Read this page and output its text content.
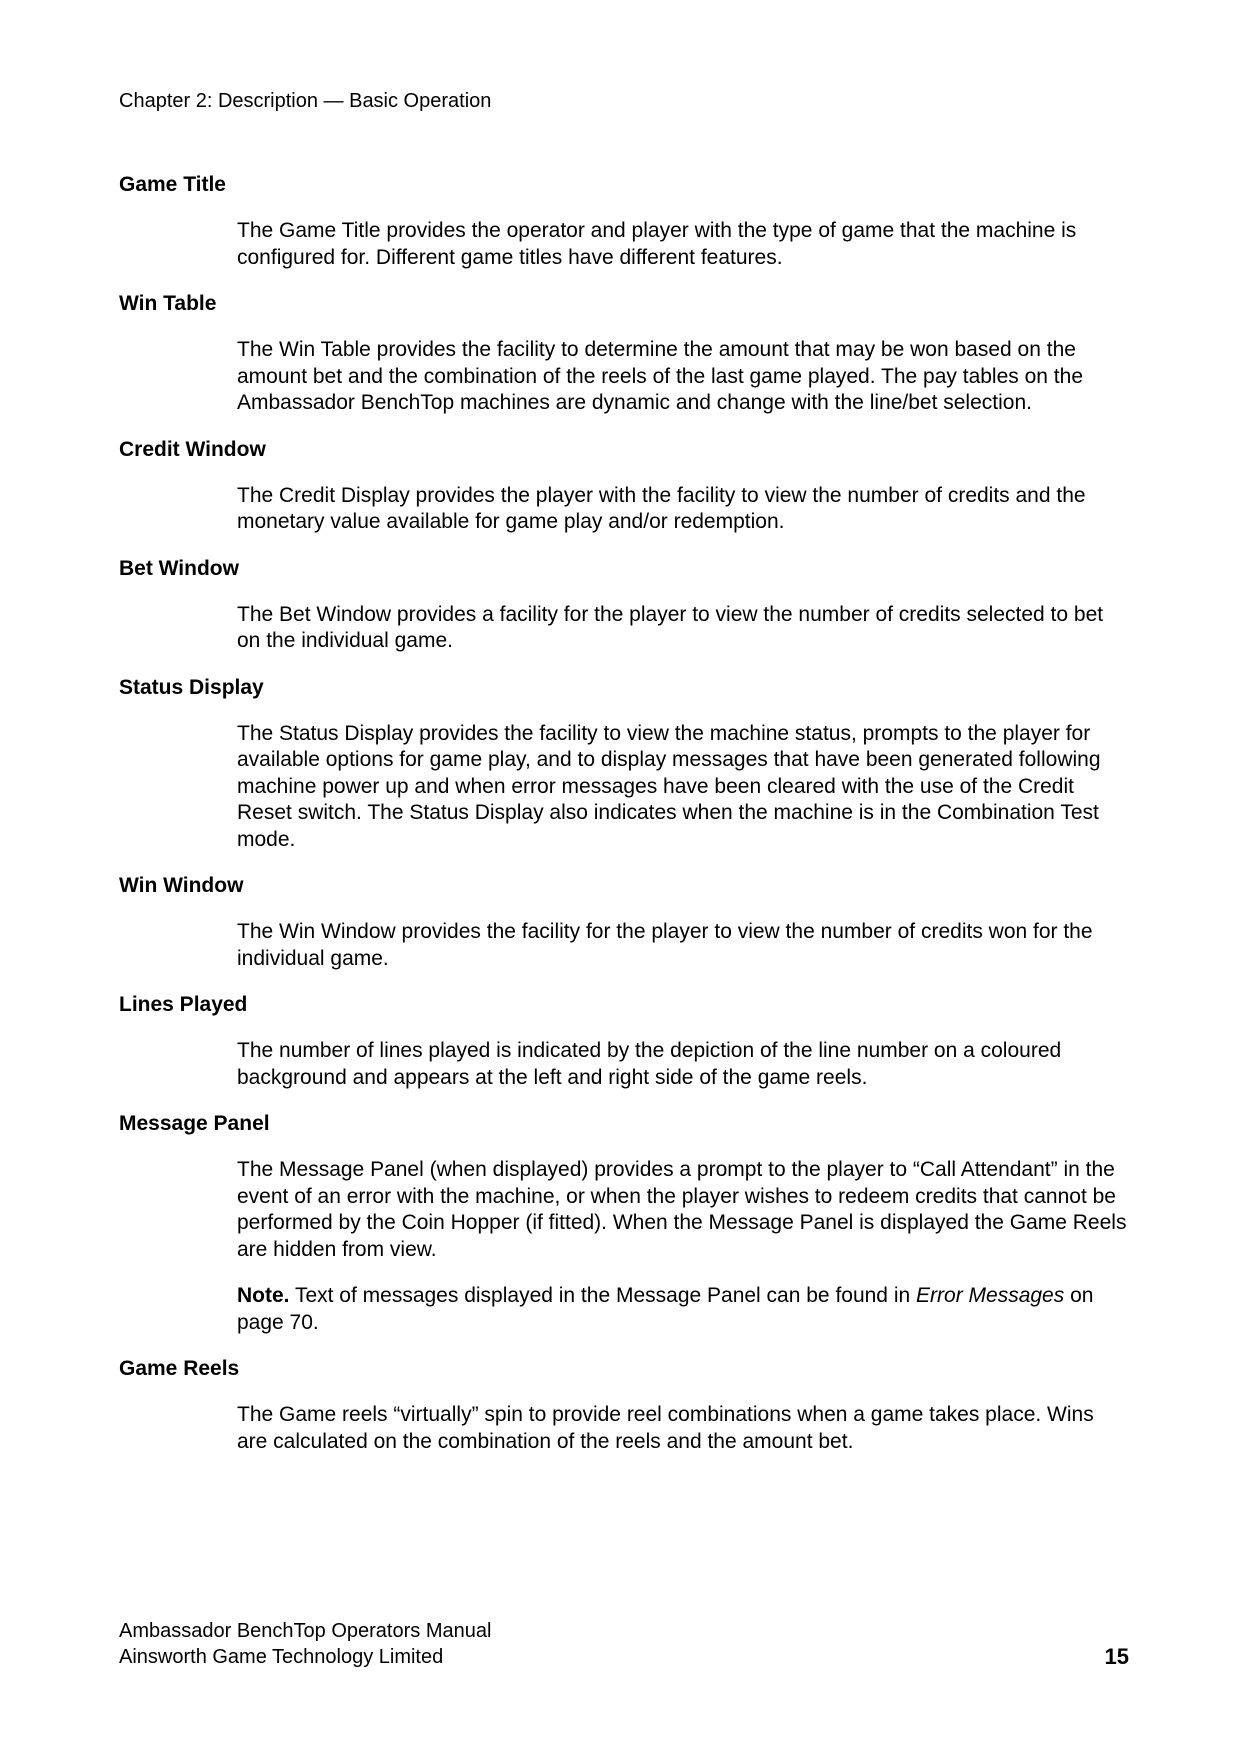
Chapter 2: Description — Basic Operation
Game Title

The Game Title provides the operator and player with the type of game that the machine is configured for. Different game titles have different features.

Win Table

The Win Table provides the facility to determine the amount that may be won based on the amount bet and the combination of the reels of the last game played. The pay tables on the Ambassador BenchTop machines are dynamic and change with the line/bet selection.

Credit Window

The Credit Display provides the player with the facility to view the number of credits and the monetary value available for game play and/or redemption.

Bet Window

The Bet Window provides a facility for the player to view the number of credits selected to bet on the individual game.

Status Display

The Status Display provides the facility to view the machine status, prompts to the player for available options for game play, and to display messages that have been generated following machine power up and when error messages have been cleared with the use of the Credit Reset switch. The Status Display also indicates when the machine is in the Combination Test mode.

Win Window

The Win Window provides the facility for the player to view the number of credits won for the individual game.

Lines Played

The number of lines played is indicated by the depiction of the line number on a coloured background and appears at the left and right side of the game reels.

Message Panel

The Message Panel (when displayed) provides a prompt to the player to “Call Attendant” in the event of an error with the machine, or when the player wishes to redeem credits that cannot be performed by the Coin Hopper (if fitted). When the Message Panel is displayed the Game Reels are hidden from view.

Note. Text of messages displayed in the Message Panel can be found in Error Messages on page 70.

Game Reels

The Game reels “virtually” spin to provide reel combinations when a game takes place. Wins are calculated on the combination of the reels and the amount bet.

Ambassador BenchTop Operators Manual
Ainsworth Game Technology Limited	15
